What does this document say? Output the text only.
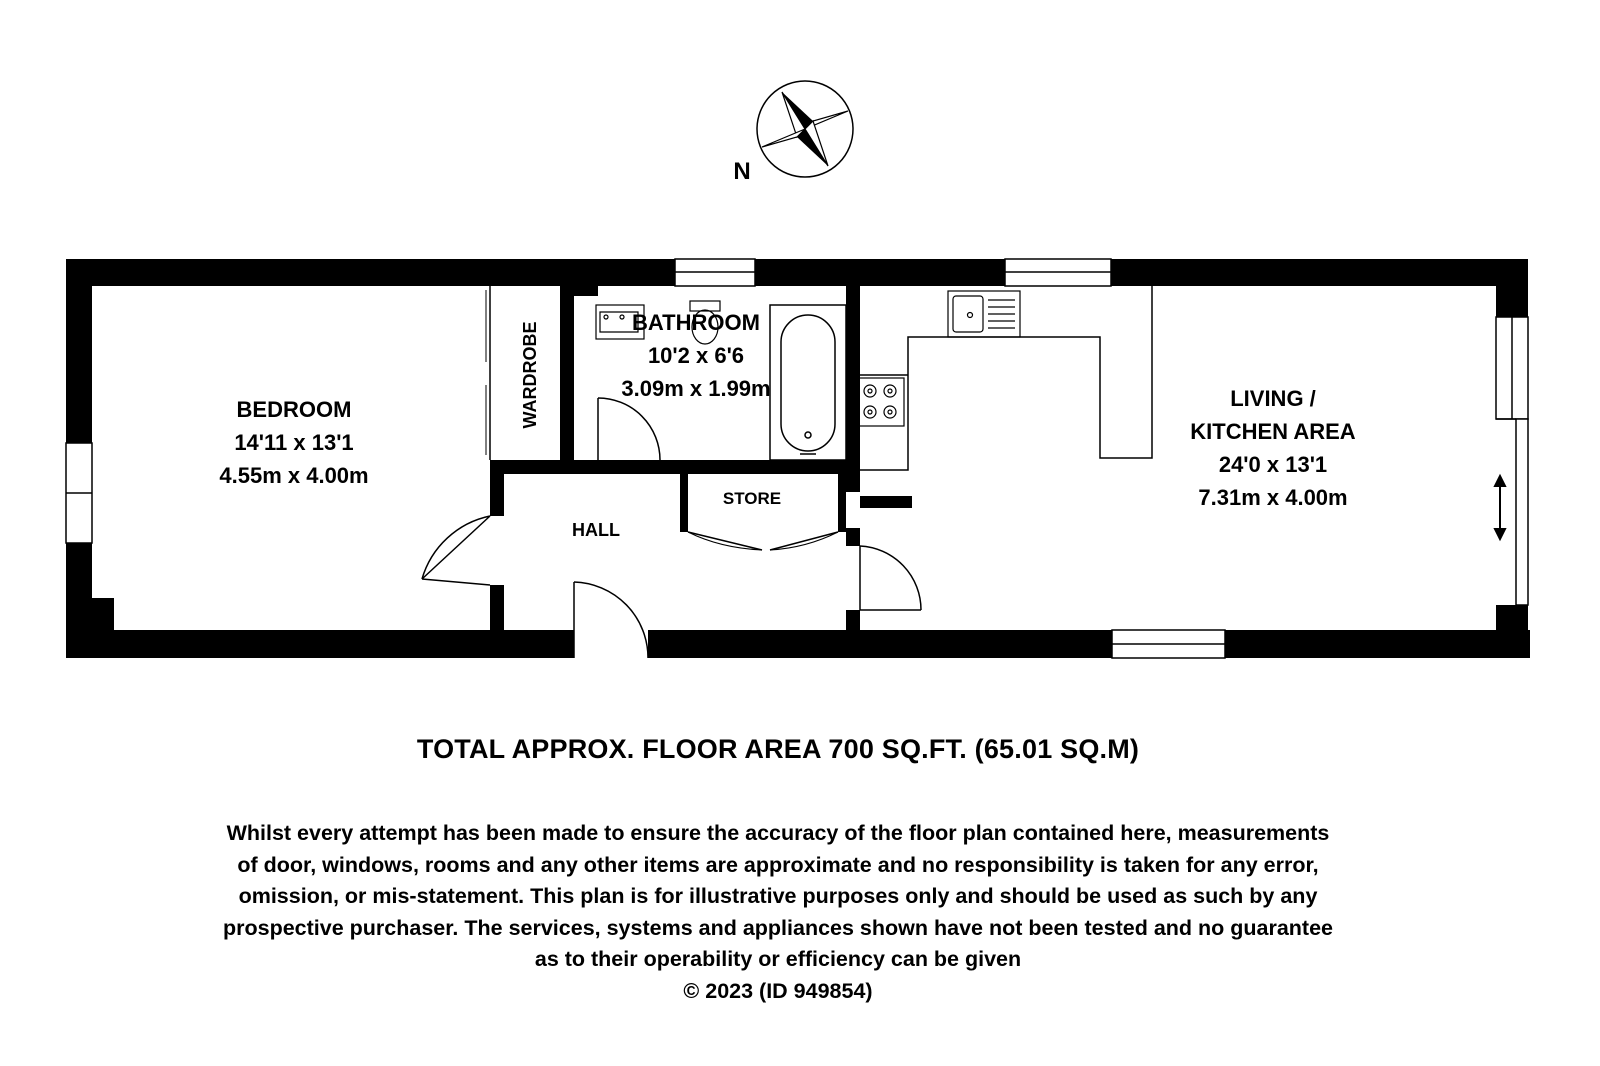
N
WARDROBE
BEDROOM
14'11 x 13'1
4.55m x 4.00m
BATHROOM
10'2 x 6'6
3.09m x 1.99m
HALL
STORE
LIVING /
KITCHEN AREA
24'0 x 13'1
7.31m x 4.00m
TOTAL APPROX. FLOOR AREA 700 SQ.FT. (65.01 SQ.M)
Whilst every attempt has been made to ensure the accuracy of the floor plan contained here, measurements
of door, windows, rooms and any other items are approximate and no responsibility is taken for any error,
omission, or mis-statement. This plan is for illustrative purposes only and should be used as such by any
prospective purchaser. The services, systems and appliances shown have not been tested and no guarantee
as to their operability or efficiency can be given
© 2023 (ID 949854)
